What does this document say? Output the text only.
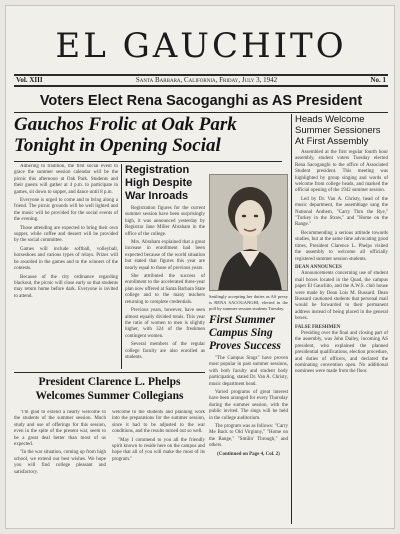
EL GAUCHITO
Vol. XIII	Santa Barbara, California, Friday, July 3, 1942	No. 1
Voters Elect Rena Sacoganghi as AS President
Gauchos Frolic at Oak Park Tonight in Opening Social

Adhering to tradition, the first social event to grace the summer session calendar will be the picnic this afternoon at Oak Park. Students and their guests will gather at 4 p.m. to participate in games, sit down to supper, and dance until 8 p.m.

Everyone is urged to come and to bring along a friend. The picnic grounds will be well lighted and the music will be provided for the social events of the evening.

Those attending are expected to bring their own supper, while coffee and dessert will be provided by the social committee.

Games will include softball, volleyball, horseshoes and various types of relays. Prizes will be awarded in the games and to the winners of the contests.

Because of the city ordinance regarding blackout, the picnic will close early so that students may return home before dark. Everyone is invited to attend.

Registration High Despite War Inroads

Registration figures for the current summer session have been surprisingly high, it was announced yesterday by Registrar Jane Miller Abraham in the office of the college.

Mrs. Abraham explained that a great increase in enrollment had been expected because of the world situation but stated that figures this year are nearly equal to those of previous years.

She attributed the success of enrollment to the accelerated three-year plan now offered at Santa Barbara State college and to the many teachers returning to complete credentials.

Previous years, however, have seen almost equally divided totals. This year the ratio of women to men is slightly higher, with 324 of the freshmen contingent women.

Several members of the regular college faculty are also enrolled as students.

Smilingly accepting her duties as AS prexy is RENA SACOGANGHI, elected in the poll by summer session students Tuesday.
First Summer Campus Sing Proves Success

"The Campus Sings" have proven most popular in past summer sessions, with both faculty and student body participating, stated Dr. Van A. Christy, music department head.

Varied programs of great interest have been arranged for every Thursday during the summer session, with the public invited. The sings will be held in the college auditorium.

The program was as follows: "Carry Me Back to Old Virginny," "Home on the Range," "Smilin' Through," and others.

(Continued on Page 4, Col. 2)
Heads Welcome Summer Sessioners At First Assembly

Assembled at the first regular fourth hour assembly, student voters Tuesday elected Rena Sacoganghi to the office of Associated Student president. This meeting was highlighted by group singing and words of welcome from college heads, and marked the official opening of the 1942 summer session.

Led by Dr. Van A. Christy, head of the music department, the assemblage sang the National Anthem, "Carry Thru the Rye," "Turkey in the Straw," and "Home on the Range."

Recommending a serious attitude towards studies, but at the same time advocating good times, President Clarence L. Phelps visited the assembly to welcome all officially registered summer session students.

DEAN ANNOUNCES

Announcements concerning use of student mail boxes located in the Quad, the campus paper El Gauchito, and the A.W.S. club house were made by Dean Lois M. Bussard. Dean Bussard cautioned students that personal mail would be forwarded to their permanent address instead of being placed in the general boxes.

FALSE FRESHMEN

Presiding over the final and closing part of the assembly, was John Dailey, incoming AS president, who explained the planned presidential qualifications, election procedure, and duties of officers, and declared the nominating convention open. No additional nominees were made from the floor.

President Clarence L. Phelps Welcomes Summer Collegians

"I'm glad to extend a hearty welcome to the students of the summer session. Much study and use of offerings for this session, even in the spite of the present war, seem to be a great deal better than most of us expected.

"In the war situation, coming up from high school, we extend our best wishes. We hope you will find college pleasant and satisfactory.

welcome to the students and planning work into the preparations for the summer session, since it had to be adjusted to the war conditions, and the results turned out so well.

"May I commend to you all the friendly spirit known to reside here on the campus and hope that all of you will make the most of its program."
